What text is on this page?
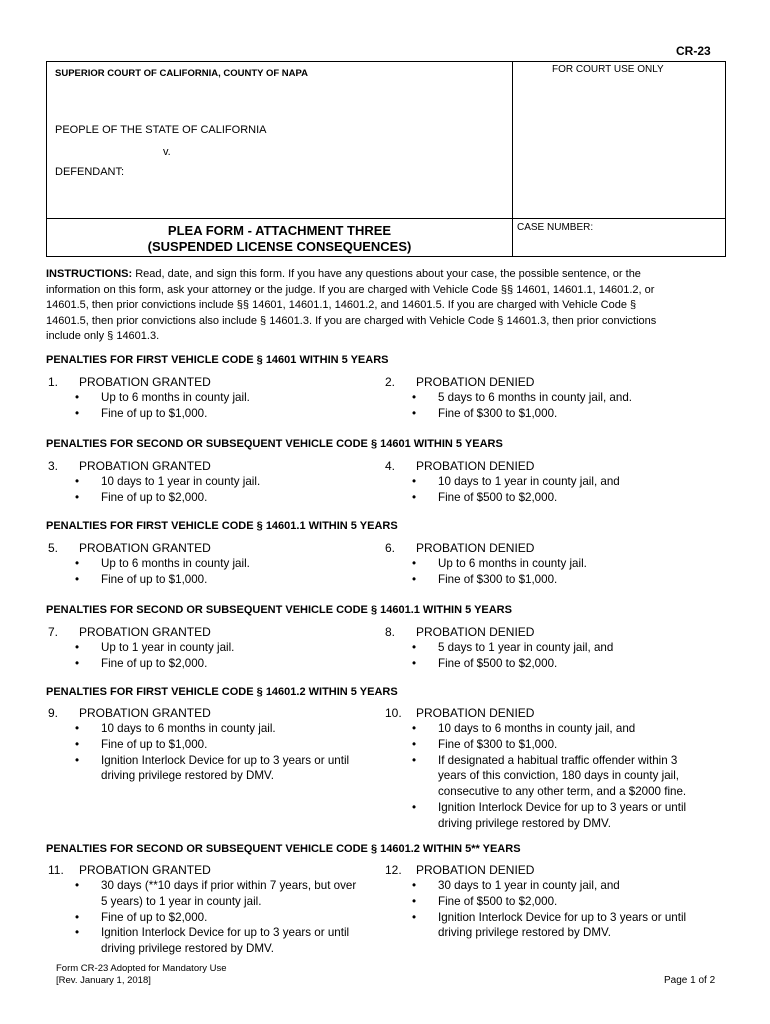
CR-23
SUPERIOR COURT OF CALIFORNIA, COUNTY OF NAPA	FOR COURT USE ONLY
PEOPLE OF THE STATE OF CALIFORNIA
v.
DEFENDANT:
PLEA FORM - ATTACHMENT THREE
(SUSPENDED LICENSE CONSEQUENCES)
CASE NUMBER:
INSTRUCTIONS: Read, date, and sign this form. If you have any questions about your case, the possible sentence, or the
information on this form, ask your attorney or the judge. If you are charged with Vehicle Code §§ 14601, 14601.1, 14601.2, or
14601.5, then prior convictions include §§ 14601, 14601.1, 14601.2, and 14601.5. If you are charged with Vehicle Code §
14601.5, then prior convictions also include § 14601.3. If you are charged with Vehicle Code § 14601.3, then prior convictions
include only § 14601.3.
PENALTIES FOR FIRST VEHICLE CODE § 14601 WITHIN 5 YEARS
1. PROBATION GRANTED
• Up to 6 months in county jail.
• Fine of up to $1,000.
2. PROBATION DENIED
• 5 days to 6 months in county jail, and.
• Fine of $300 to $1,000.
PENALTIES FOR SECOND OR SUBSEQUENT VEHICLE CODE § 14601 WITHIN 5 YEARS
3. PROBATION GRANTED
• 10 days to 1 year in county jail.
• Fine of up to $2,000.
4. PROBATION DENIED
• 10 days to 1 year in county jail, and
• Fine of $500 to $2,000.
PENALTIES FOR FIRST VEHICLE CODE § 14601.1 WITHIN 5 YEARS
5. PROBATION GRANTED
• Up to 6 months in county jail.
• Fine of up to $1,000.
6. PROBATION DENIED
• Up to 6 months in county jail.
• Fine of $300 to $1,000.
PENALTIES FOR SECOND OR SUBSEQUENT VEHICLE CODE § 14601.1 WITHIN 5 YEARS
7. PROBATION GRANTED
• Up to 1 year in county jail.
• Fine of up to $2,000.
8. PROBATION DENIED
• 5 days to 1 year in county jail, and
• Fine of $500 to $2,000.
PENALTIES FOR FIRST VEHICLE CODE § 14601.2 WITHIN 5 YEARS
9. PROBATION GRANTED
• 10 days to 6 months in county jail.
• Fine of up to $1,000.
• Ignition Interlock Device for up to 3 years or until
driving privilege restored by DMV.
10. PROBATION DENIED
• 10 days to 6 months in county jail, and
• Fine of $300 to $1,000.
• If designated a habitual traffic offender within 3
years of this conviction, 180 days in county jail,
consecutive to any other term, and a $2000 fine.
• Ignition Interlock Device for up to 3 years or until
driving privilege restored by DMV.
PENALTIES FOR SECOND OR SUBSEQUENT VEHICLE CODE § 14601.2 WITHIN 5** YEARS
11. PROBATION GRANTED
• 30 days (**10 days if prior within 7 years, but over
5 years) to 1 year in county jail.
• Fine of up to $2,000.
• Ignition Interlock Device for up to 3 years or until
driving privilege restored by DMV.
12. PROBATION DENIED
• 30 days to 1 year in county jail, and
• Fine of $500 to $2,000.
• Ignition Interlock Device for up to 3 years or until
driving privilege restored by DMV.
Form CR-23 Adopted for Mandatory Use
[Rev. January 1, 2018]	Page 1 of 2
